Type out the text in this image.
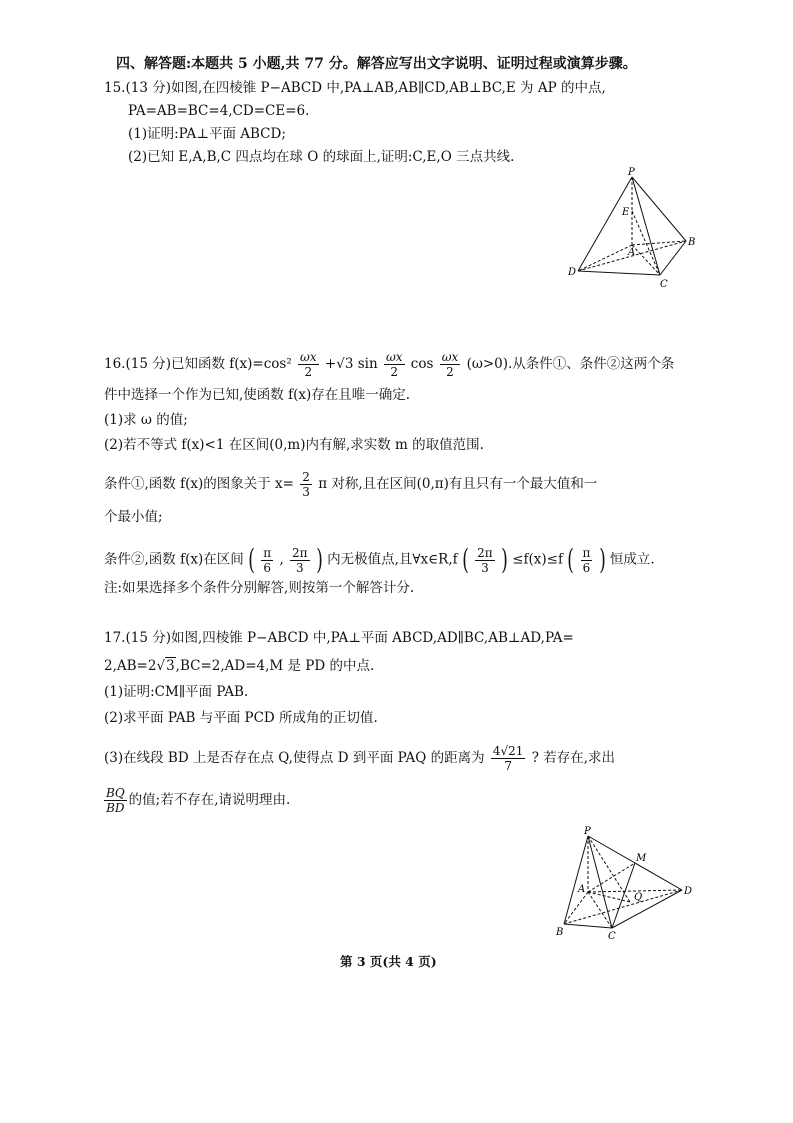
四、解答题:本题共 5 小题,共 77 分。解答应写出文字说明、证明过程或演算步骤。
15.(13 分)如图,在四棱锥 P−ABCD 中,PA⊥AB,AB∥CD,AB⊥BC,E 为 AP 的中点,
PA=AB=BC=4,CD=CE=6.
(1)证明:PA⊥平面 ABCD;
(2)已知 E,A,B,C 四点均在球 O 的球面上,证明:C,E,O 三点共线.
P
E
A
B
C
D
16.(15 分)已知函数 $f(x)=\cos^2 \frac{\omega x}{2} +√3$ $\sin \frac{\omega x}{2}$ $\cos \frac{\omega x}{2} (\omega>0)$.从条件①、条件②这两个条
件中选择一个作为已知,使函数 f(x)存在且唯一确定.
(1)求 ω 的值;
(2)若不等式 f(x)<1 在区间(0,m)内有解,求实数 m 的取值范围.
条件①,函数 f(x)的图象关于 $x= \frac{2}{3}$ π 对称,且在区间(0,π)有且只有一个最大值和一
个最小值;
条件②,函数 f(x)在区间 ( $\frac{\pi}{6}$ , $\frac{2\pi}{3}$ ) 内无极值点,且∀x∈R,f ( $\frac{2\pi}{3}$ ) ≤f(x)≤f ( $\frac{\pi}{6}$ ) 恒成立.
注:如果选择多个条件分别解答,则按第一个解答计分.
17.(15 分)如图,四棱锥 P−ABCD 中,PA⊥平面 ABCD,AD∥BC,AB⊥AD,PA=
2,AB=2√3,BC=2,AD=4,M 是 PD 的中点.
(1)证明:CM∥平面 PAB.
(2)求平面 PAB 与平面 PCD 所成角的正切值.
(3)在线段 BD 上是否存在点 Q,使得点 D 到平面 PAQ 的距离为 $\frac{4√21}{7}$ ? 若存在,求出
$\frac{BQ}{BD}$ 的值;若不存在,请说明理由.
P
M
A
Q
D
B	C
第 3 页(共 4 页)
